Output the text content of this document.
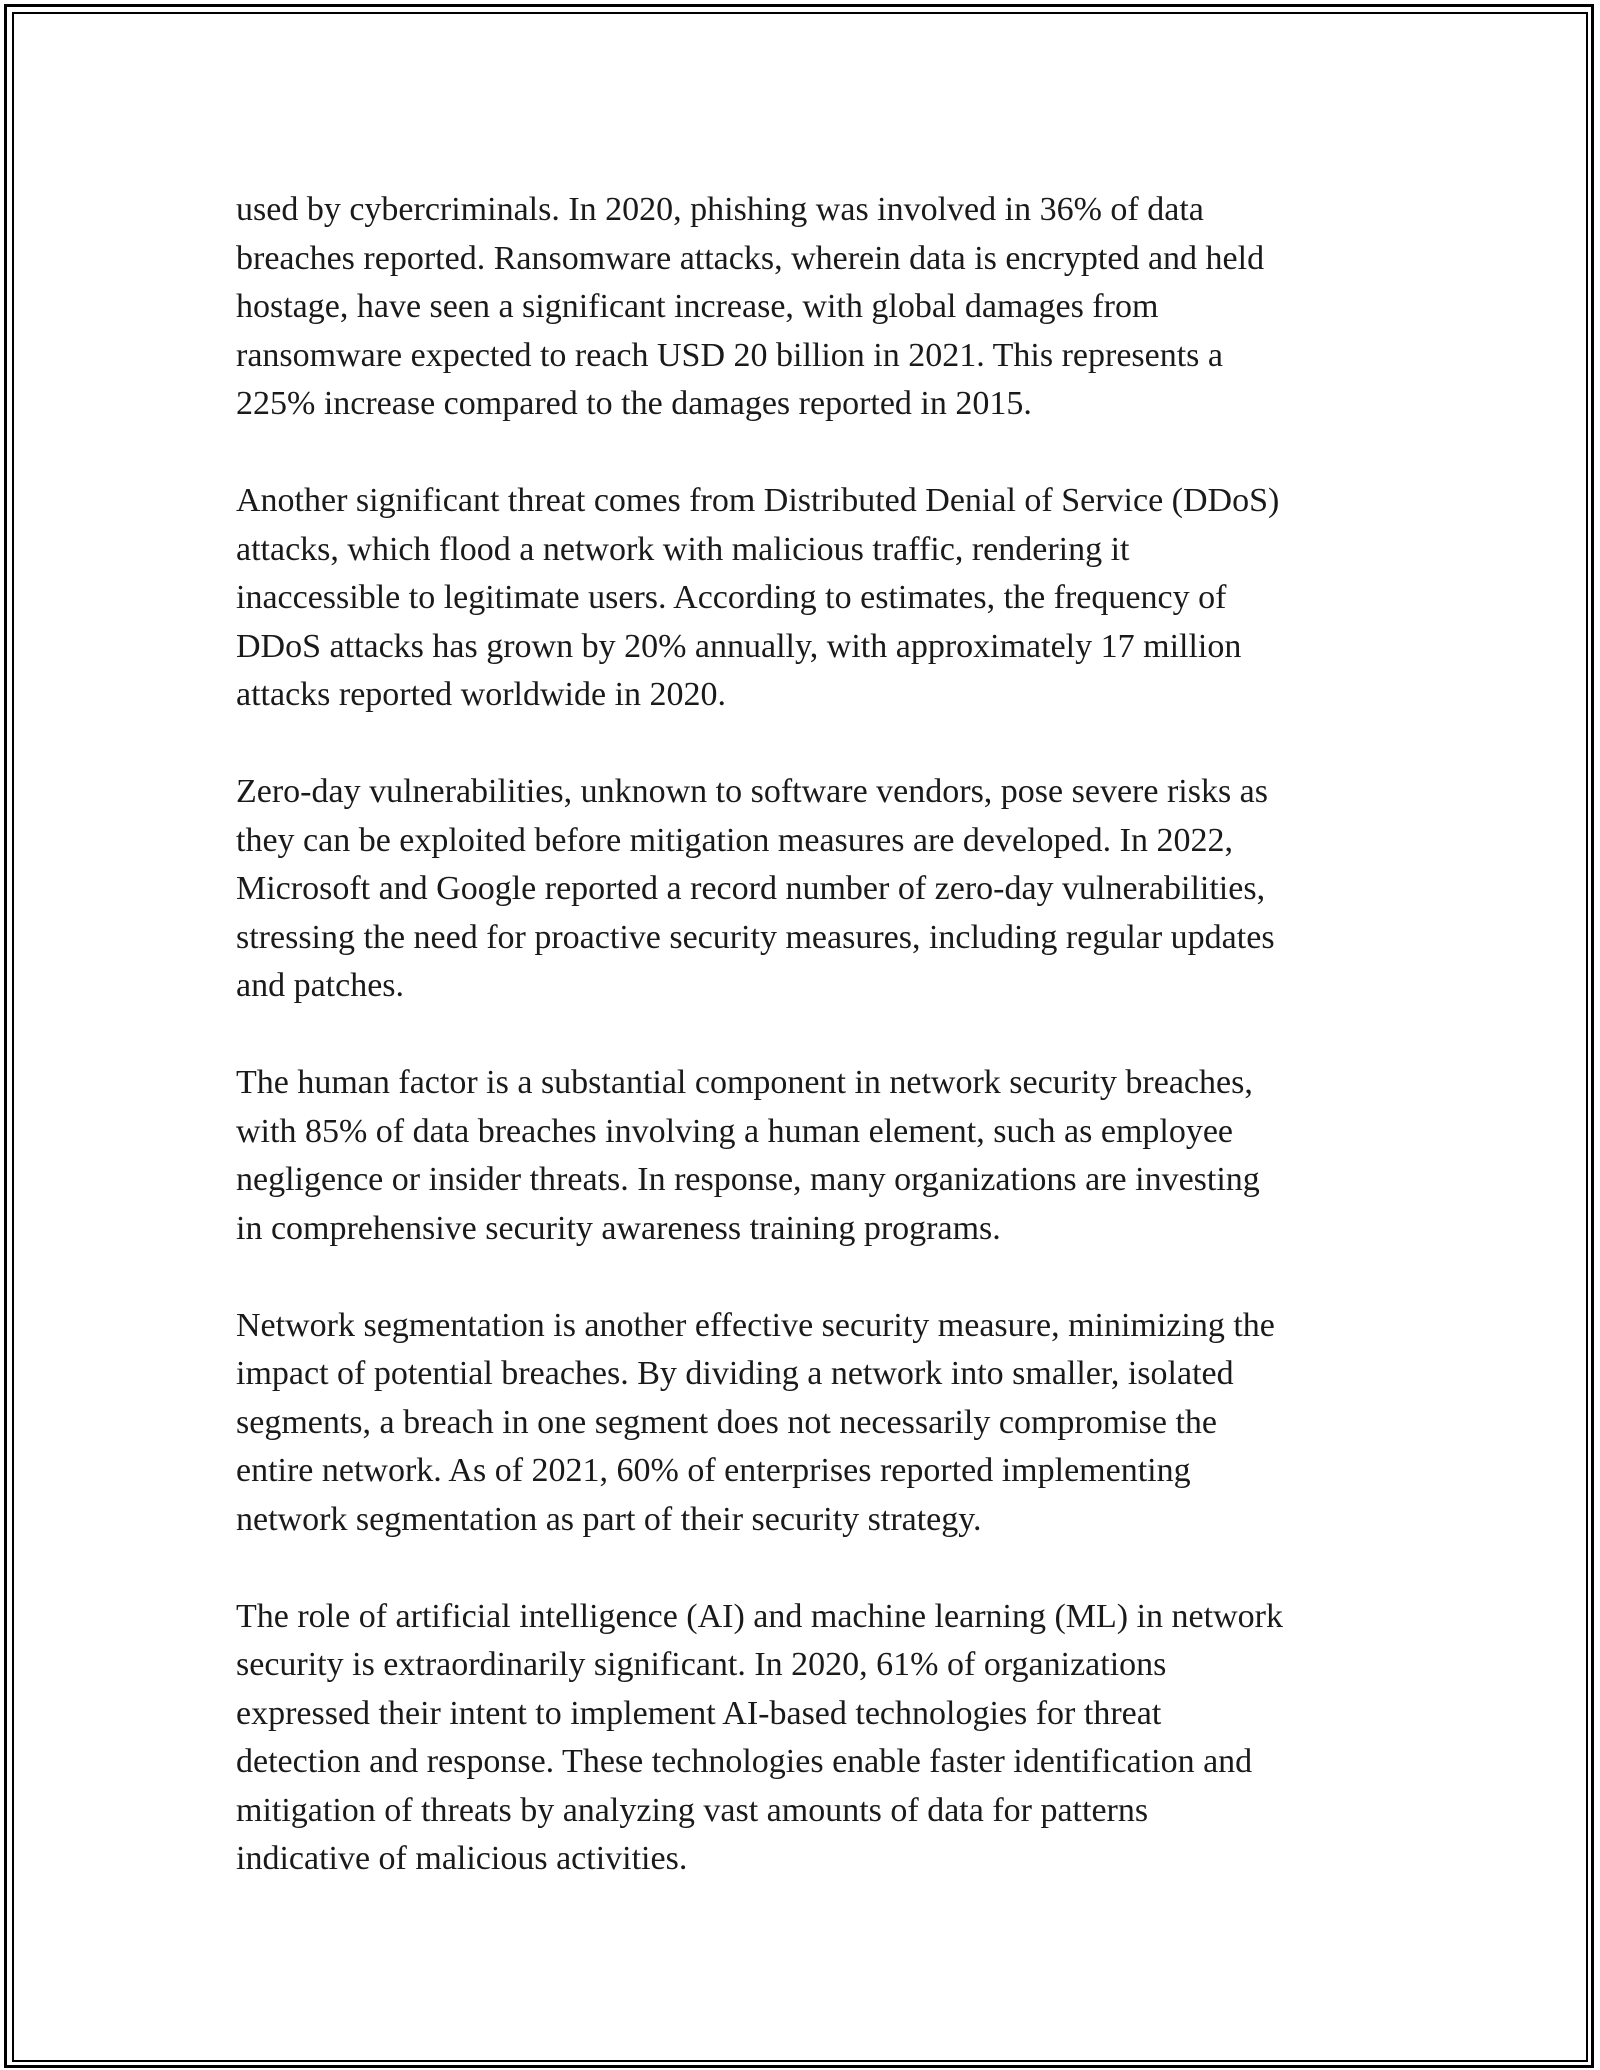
used by cybercriminals. In 2020, phishing was involved in 36% of data
breaches reported. Ransomware attacks, wherein data is encrypted and held
hostage, have seen a significant increase, with global damages from
ransomware expected to reach USD 20 billion in 2021. This represents a
225% increase compared to the damages reported in 2015.

Another significant threat comes from Distributed Denial of Service (DDoS)
attacks, which flood a network with malicious traffic, rendering it
inaccessible to legitimate users. According to estimates, the frequency of
DDoS attacks has grown by 20% annually, with approximately 17 million
attacks reported worldwide in 2020.

Zero-day vulnerabilities, unknown to software vendors, pose severe risks as
they can be exploited before mitigation measures are developed. In 2022,
Microsoft and Google reported a record number of zero-day vulnerabilities,
stressing the need for proactive security measures, including regular updates
and patches.

The human factor is a substantial component in network security breaches,
with 85% of data breaches involving a human element, such as employee
negligence or insider threats. In response, many organizations are investing
in comprehensive security awareness training programs.

Network segmentation is another effective security measure, minimizing the
impact of potential breaches. By dividing a network into smaller, isolated
segments, a breach in one segment does not necessarily compromise the
entire network. As of 2021, 60% of enterprises reported implementing
network segmentation as part of their security strategy.

The role of artificial intelligence (AI) and machine learning (ML) in network
security is extraordinarily significant. In 2020, 61% of organizations
expressed their intent to implement AI-based technologies for threat
detection and response. These technologies enable faster identification and
mitigation of threats by analyzing vast amounts of data for patterns
indicative of malicious activities.
